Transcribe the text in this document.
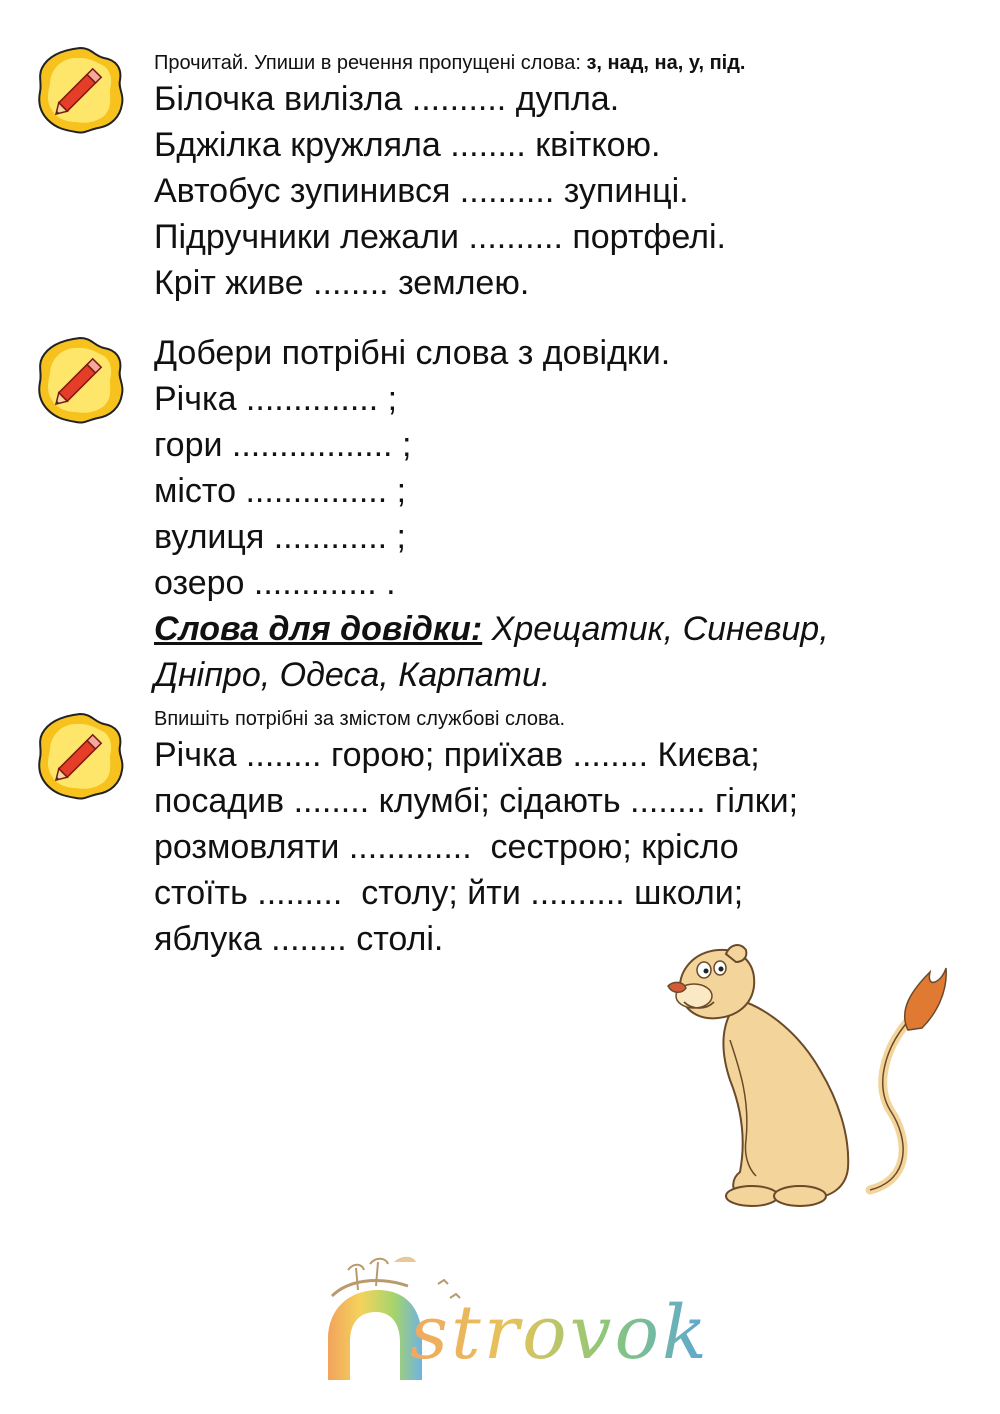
Прочитай. Упиши в речення пропущені слова: з, над, на, у, під.

Білочка вилізла .......... дупла.

Бджілка кружляла ........ квіткою.

Автобус зупинився .......... зупинці.

Підручники лежали .......... портфелі.

Кріт живе ........ землею.

Добери потрібні слова з довідки.

Річка .............. ;

гори ................. ;

місто ............... ;

вулиця ............ ;

озеро ............. .

Слова для довідки: Хрещатик, Синевир,

Дніпро, Одеса, Карпати.

Впишіть потрібні за змістом службові слова.

Річка ........ горою; приїхав ........ Києва;

посадив ........ клумбі; сідають ........ гілки;

розмовляти .............  сестрою; крісло

стоїть .........  столу; йти .......... школи;

яблука ........ столі.

strovok
